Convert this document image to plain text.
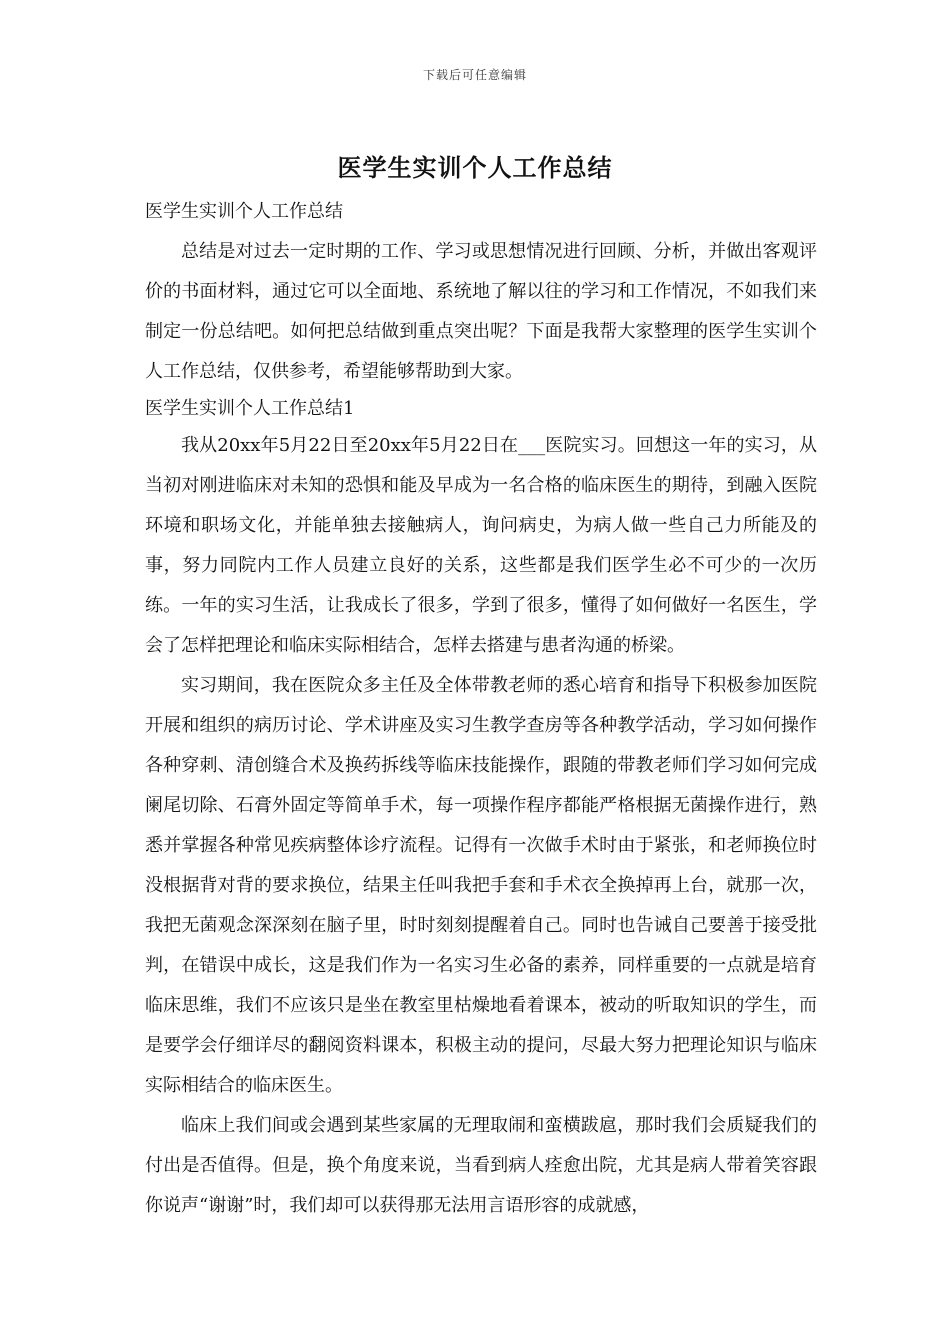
下载后可任意编辑
医学生实训个人工作总结

医学生实训个人工作总结

总结是对过去一定时期的工作、学习或思想情况进行回顾、分析，并做出客观评价的书面材料，通过它可以全面地、系统地了解以往的学习和工作情况，不如我们来制定一份总结吧。如何把总结做到重点突出呢？下面是我帮大家整理的医学生实训个人工作总结，仅供参考，希望能够帮助到大家。

医学生实训个人工作总结1

我从20xx年5月22日至20xx年5月22日在___医院实习。回想这一年的实习，从当初对刚进临床对未知的恐惧和能及早成为一名合格的临床医生的期待，到融入医院环境和职场文化，并能单独去接触病人，询问病史，为病人做一些自己力所能及的事，努力同院内工作人员建立良好的关系，这些都是我们医学生必不可少的一次历练。一年的实习生活，让我成长了很多，学到了很多，懂得了如何做好一名医生，学会了怎样把理论和临床实际相结合，怎样去搭建与患者沟通的桥梁。

实习期间，我在医院众多主任及全体带教老师的悉心培育和指导下积极参加医院开展和组织的病历讨论、学术讲座及实习生教学查房等各种教学活动，学习如何操作各种穿刺、清创缝合术及换药拆线等临床技能操作，跟随的带教老师们学习如何完成阑尾切除、石膏外固定等简单手术，每一项操作程序都能严格根据无菌操作进行，熟悉并掌握各种常见疾病整体诊疗流程。记得有一次做手术时由于紧张，和老师换位时没根据背对背的要求换位，结果主任叫我把手套和手术衣全换掉再上台，就那一次，我把无菌观念深深刻在脑子里，时时刻刻提醒着自己。同时也告诫自己要善于接受批判，在错误中成长，这是我们作为一名实习生必备的素养，同样重要的一点就是培育临床思维，我们不应该只是坐在教室里枯燥地看着课本，被动的听取知识的学生，而是要学会仔细详尽的翻阅资料课本，积极主动的提问，尽最大努力把理论知识与临床实际相结合的临床医生。

临床上我们间或会遇到某些家属的无理取闹和蛮横跋扈，那时我们会质疑我们的付出是否值得。但是，换个角度来说，当看到病人痊愈出院，尤其是病人带着笑容跟你说声“谢谢”时，我们却可以获得那无法用言语形容的成就感，
